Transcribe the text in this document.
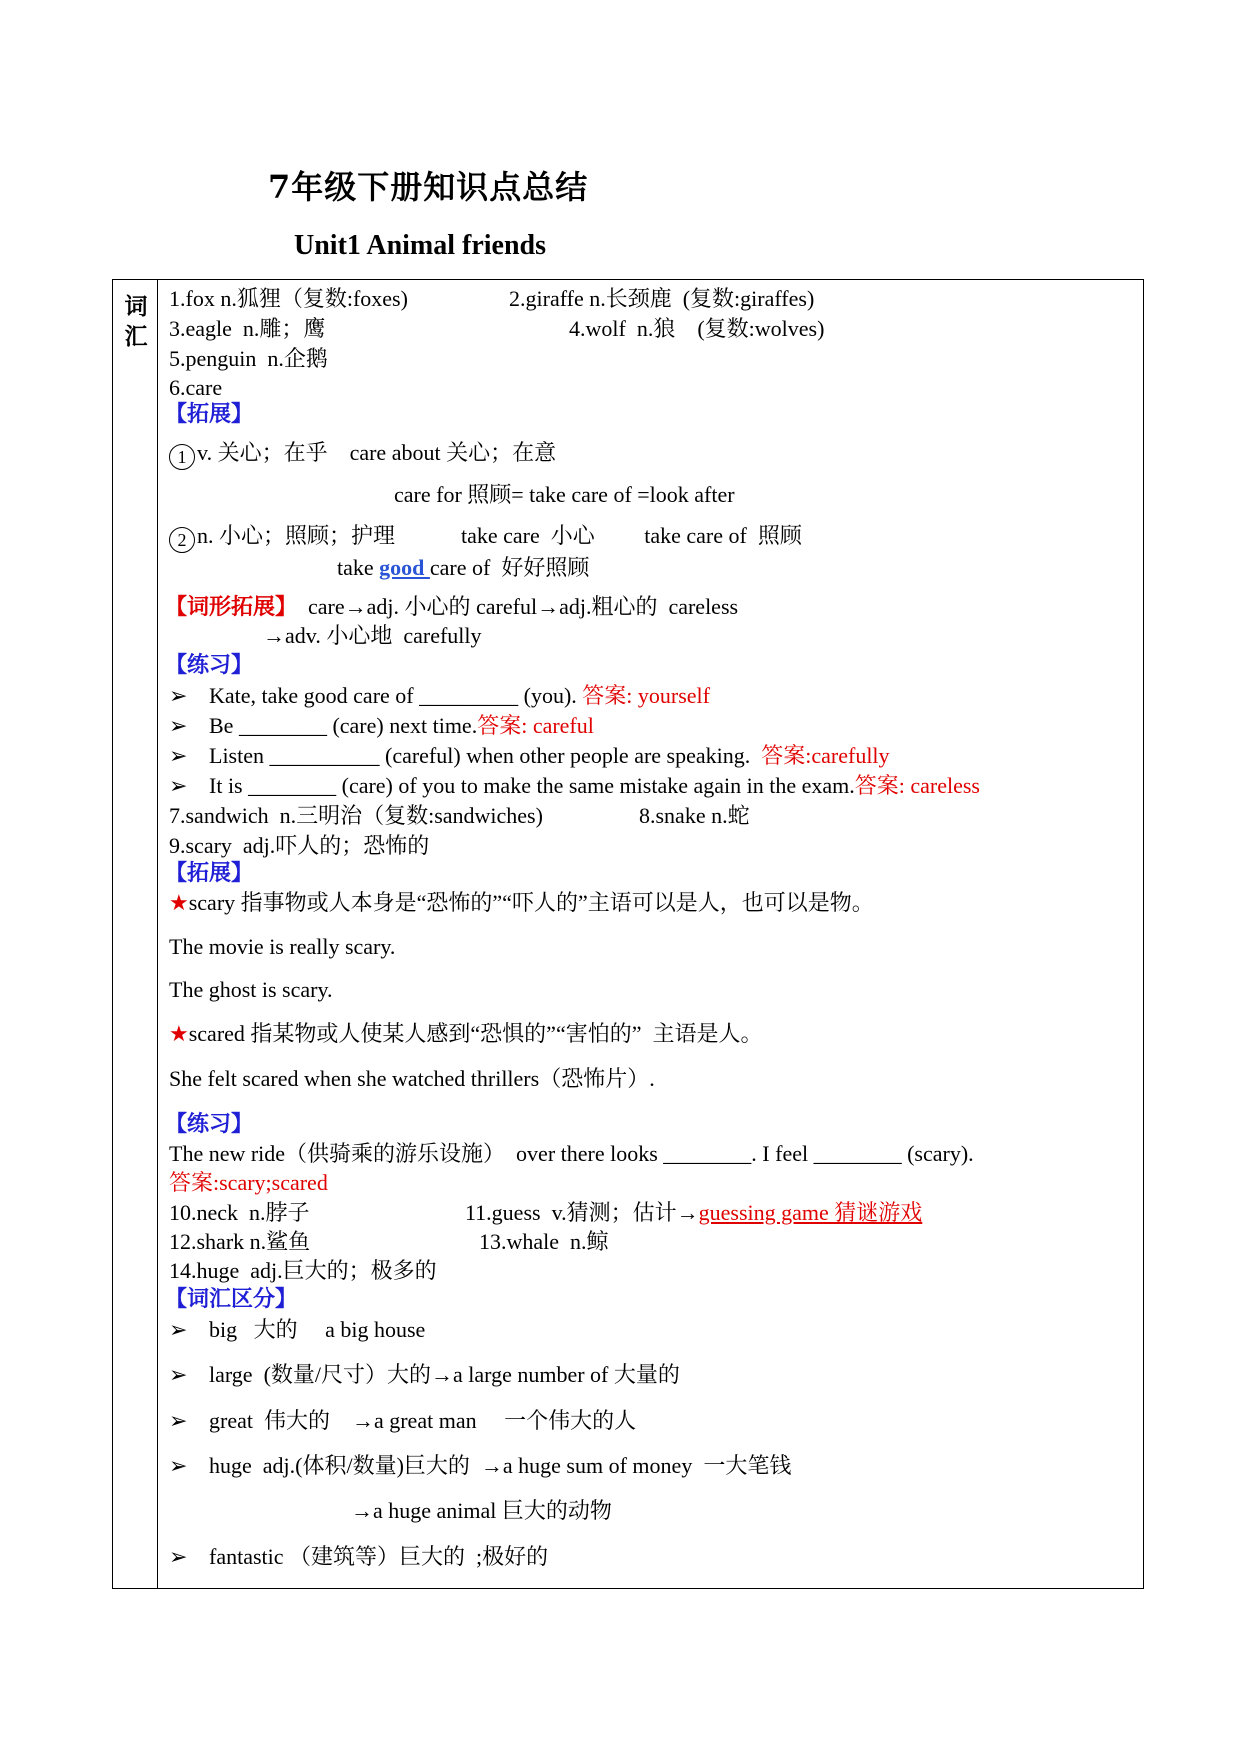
7年级下册知识点总结
Unit1 Animal friends
词
汇
1.fox n.狐狸（复数:foxes)	2.giraffe n.长颈鹿  (复数:giraffes)
3.eagle  n.雕；鹰	4.wolf  n.狼    (复数:wolves)
5.penguin  n.企鹅
6.care
【拓展】
1 v. 关心；在乎    care about 关心；在意
care for 照顾= take care of =look after
2 n. 小心；照顾；护理            take care  小心         take care of  照顾
take good care of  好好照顾
【词形拓展】  care→adj. 小心的 careful→adj.粗心的  careless
→adv. 小心地  carefully
【练习】
➢ Kate, take good care of _________ (you). 答案: yourself
➢ Be ________ (care) next time.答案: careful
➢ Listen __________ (careful) when other people are speaking.  答案:carefully
➢ It is ________ (care) of you to make the same mistake again in the exam.答案: careless
7.sandwich  n.三明治（复数:sandwiches)	8.snake n.蛇
9.scary  adj.吓人的；恐怖的
【拓展】
★scary 指事物或人本身是“恐怖的”“吓人的”主语可以是人，也可以是物。
The movie is really scary.
The ghost is scary.
★scared 指某物或人使某人感到“恐惧的”“害怕的”  主语是人。
She felt scared when she watched thrillers（恐怖片）.
【练习】
The new ride（供骑乘的游乐设施）  over there looks ________. I feel ________ (scary).
答案:scary;scared
10.neck  n.脖子	11.guess  v.猜测；估计→guessing game 猜谜游戏
12.shark n.鲨鱼	13.whale  n.鲸
14.huge  adj.巨大的；极多的
【词汇区分】
➢ big   大的     a big house
➢ large  (数量/尺寸）大的→a large number of 大量的
➢ great  伟大的    →a great man     一个伟大的人
➢ huge  adj.(体积/数量)巨大的  →a huge sum of money  一大笔钱
→a huge animal 巨大的动物
➢ fantastic （建筑等）巨大的  ;极好的
